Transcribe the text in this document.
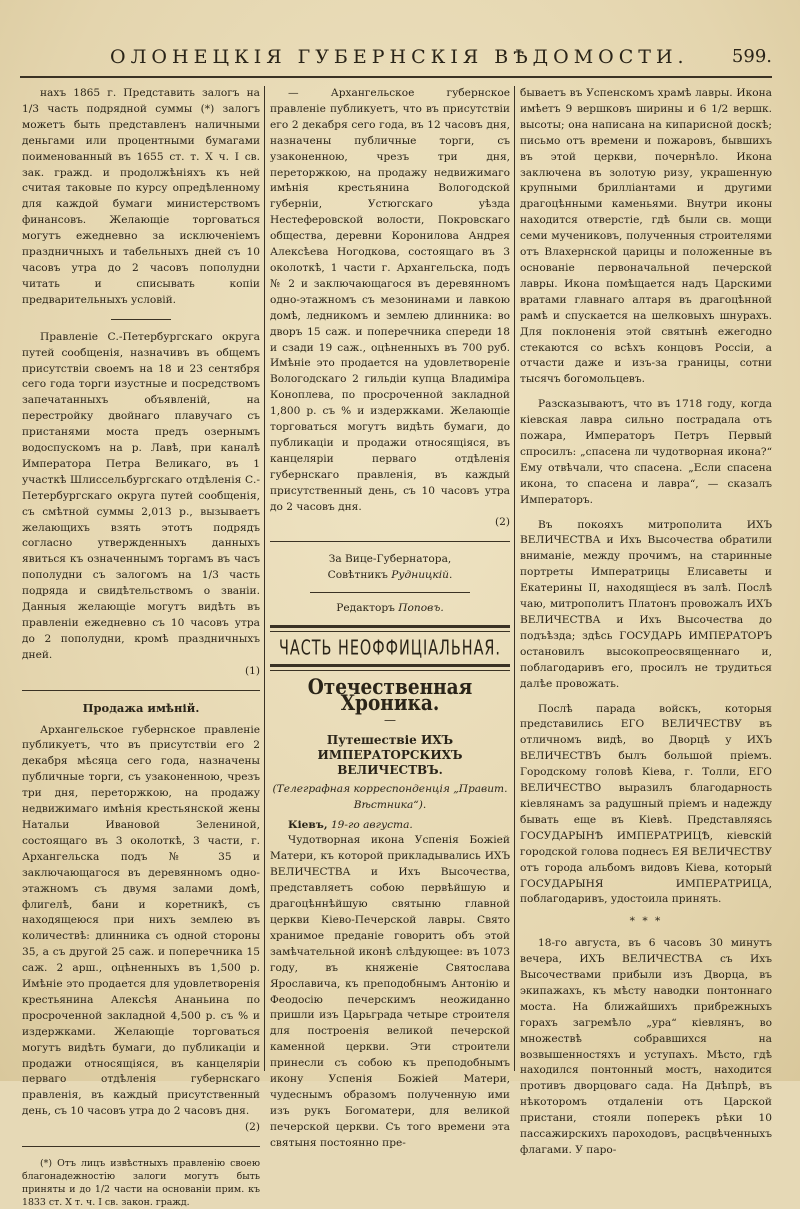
ОЛОНЕЦКІЯ ГУБЕРНСКІЯ ВѢДОМОСТИ. 599.

нахъ 1865 г. Представить залогъ на 1/3 часть подрядной суммы (*) залогъ можетъ быть представленъ наличными деньгами или процентными бумагами поименованный въ 1655 ст. т. X ч. I св. зак. гражд. и продолжѣніяхъ къ ней считая таковые по курсу опредѣленному для каждой бумаги министерствомъ финансовъ. Желающіе торговаться могутъ ежедневно за исключеніемъ праздничныхъ и табельныхъ дней съ 10 часовъ утра до 2 часовъ пополудни читать и списывать копіи предварительныхъ условій.

Правленіе С.-Петербургскаго округа путей сообщенія, назначивъ въ общемъ присутствіи своемъ на 18 и 23 сентября сего года торги изустные и посредствомъ запечатанныхъ объявленій, на перестройку двойнаго плавучаго съ пристанями моста предъ озернымъ водоспускомъ на р. Лавѣ, при каналѣ Императора Петра Великаго, въ 1 участкѣ Шлиссельбургскаго отдѣленія С.-Петербургскаго округа путей сообщенія, съ смѣтной суммы 2,013 р., вызываетъ желающихъ взять этотъ подрядъ согласно утвержденныхъ данныхъ явиться къ означеннымъ торгамъ въ часъ пополудни съ залогомъ на 1/3 часть подряда и свидѣтельствомъ о званіи. Данныя желающіе могутъ видѣть въ правленіи ежедневно съ 10 часовъ утра до 2 пополудни, кромѣ праздничныхъ дней.

(1)

Продажа имѣній.

Архангельское губернское правленіе публикуетъ, что въ присутствіи его 2 декабря мѣсяца сего года, назначены публичные торги, съ узаконенною, чрезъ три дня, переторжкою, на продажу недвижимаго имѣнія крестьянской жены Натальи Ивановой Зелениной, состоящаго въ 3 околоткѣ, 3 части, г. Архангельска подъ № 35 и заключающагося въ деревянномъ одно-этажномъ съ двумя залами домѣ, флигелѣ, бани и коретникѣ, съ находящеюся при нихъ землею въ количествѣ: длинника съ одной стороны 35, а съ другой 25 саж. и поперечника 15 саж. 2 арш., оцѣненныхъ въ 1,500 р. Имѣніе это продается для удовлетворенія крестьянина Алексѣя Ананьина по просроченной закладной 4,500 р. съ % и издержками. Желающіе торговаться могутъ видѣть бумаги, до публикаціи и продажи относящіяся, въ канцеляріи перваго отдѣленія губернскаго правленія, въ каждый присутственный день, съ 10 часовъ утра до 2 часовъ дня.

(2)

(*) Отъ лицъ извѣстныхъ правленію своею благонадежностію залоги могутъ быть приняты и до 1/2 части на основаніи прим. къ 1833 ст. X т. ч. I св. закон. гражд.

— Архангельское губернское правленіе публикуетъ, что въ присутствіи его 2 декабря сего года, въ 12 часовъ дня, назначены публичные торги, съ узаконенною, чрезъ три дня, переторжкою, на продажу недвижимаго имѣнія крестьянина Вологодской губерніи, Устюгскаго уѣзда Нестеферовской волости, Покровскаго общества, деревни Коронилова Андрея Алексѣева Ногодкова, состоящаго въ 3 околоткѣ, 1 части г. Архангельска, подъ № 2 и заключающагося въ деревянномъ одно-этажномъ съ мезонинами и лавкою домѣ, ледникомъ и землею длинника: во дворъ 15 саж. и поперечника спереди 18 и сзади 19 саж., оцѣненныхъ въ 700 руб. Имѣніе это продается на удовлетвореніе Вологодскаго 2 гильдіи купца Владиміра Коноплева, по просроченной закладной 1,800 р. съ % и издержками. Желающіе торговаться могутъ видѣть бумаги, до публикаціи и продажи относящіяся, въ канцеляріи перваго отдѣленія губернскаго правленія, въ каждый присутственный день, съ 10 часовъ утра до 2 часовъ дня.

(2)

За Вице-Губернатора,

Совѣтникъ Рудницкій.

Редакторъ Поповъ.

ЧАСТЬ НЕОФФИЦІАЛЬНАЯ.
Отечественная Хроника.
—
Путешествіе ИХЪ ИМПЕРАТОРСКИХЪ ВЕЛИЧЕСТВЪ.
(Телеграфная корреспонденція „Правит. Вѣстника“).

Кіевъ, 19-го августа.

Чудотворная икона Успенія Божіей Матери, къ которой прикладывались ИХЪ ВЕЛИЧЕСТВА и Ихъ Высочества, представляетъ собою первѣйшую и драгоцѣннѣйшую святыню главной церкви Кіево-Печерской лавры. Свято хранимое преданіе говоритъ объ этой замѣчательной иконѣ слѣдующее: въ 1073 году, въ княженіе Святослава Ярославича, къ преподобнымъ Антонію и Феодосію печерскимъ неожиданно пришли изъ Царьграда четыре строителя для построенія великой печерской каменной церкви. Эти строители принесли съ собою къ преподобнымъ икону Успенія Божіей Матери, чудеснымъ образомъ полученную ими изъ рукъ Богоматери, для великой печерской церкви. Съ того времени эта святыня постоянно пре-

бываетъ въ Успенскомъ храмѣ лавры. Икона имѣетъ 9 вершковъ ширины и 6 1/2 вершк. высоты; она написана на кипарисной доскѣ; письмо отъ времени и пожаровъ, бывшихъ въ этой церкви, почернѣло. Икона заключена въ золотую ризу, украшенную крупными бриллiантами и другими драгоцѣнными каменьями. Внутри иконы находится отверстіе, гдѣ были св. мощи семи мучениковъ, полученныя строителями отъ Влахернской царицы и положенные въ основаніе первоначальной печерской лавры. Икона помѣщается надъ Царскими вратами главнаго алтаря въ драгоцѣнной рамѣ и спускается на шелковыхъ шнурахъ. Для поклоненія этой святынѣ ежегодно стекаются со всѣхъ концовъ Россіи, а отчасти даже и изъ-за границы, сотни тысячъ богомольцевъ.

Разсказываютъ, что въ 1718 году, когда кіевская лавра сильно пострадала отъ пожара, Императоръ Петръ Первый спросилъ: „спасена ли чудотворная икона?“ Ему отвѣчали, что спасена. „Если спасена икона, то спасена и лавра“, — сказалъ Императоръ.

Въ покояхъ митрополита ИХЪ ВЕЛИЧЕСТВА и Ихъ Высочества обратили вниманіе, между прочимъ, на старинные портреты Императрицы Елисаветы и Екатерины II, находящіеся въ залѣ. Послѣ чаю, митрополитъ Платонъ провожалъ ИХЪ ВЕЛИЧЕСТВА и Ихъ Высочества до подъѣзда; здѣсь ГОСУДАРЬ ИМПЕРАТОРЪ остановилъ высокопреосвященнаго и, поблагодаривъ его, просилъ не трудиться далѣе провожать.

Послѣ парада войскъ, которыя представились ЕГО ВЕЛИЧЕСТВУ въ отличномъ видѣ, во Дворцѣ у ИХЪ ВЕЛИЧЕСТВЪ былъ большой пріемъ. Городскому головѣ Кіева, г. Толли, ЕГО ВЕЛИЧЕСТВО выразилъ благодарность кіевлянамъ за радушный пріемъ и надежду бывать еще въ Кіевѣ. Представляясь ГОСУДАРЫНѢ ИМПЕРАТРИЦѢ, кіевскій городской голова поднесъ ЕЯ ВЕЛИЧЕСТВУ отъ города альбомъ видовъ Кіева, который ГОСУДАРЫНЯ ИМПЕРАТРИЦА, поблагодаривъ, удостоила принять.

* * *

18-го августа, въ 6 часовъ 30 минутъ вечера, ИХЪ ВЕЛИЧЕСТВА съ Ихъ Высочествами прибыли изъ Дворца, въ экипажахъ, къ мѣсту наводки понтоннаго моста. На ближайшихъ прибрежныхъ горахъ загремѣло „ура“ кіевлянъ, во множествѣ собравшихся на возвышенностяхъ и уступахъ. Мѣсто, гдѣ находился понтонный мостъ, находится противъ дворцоваго сада. На Днѣпрѣ, въ нѣкоторомъ отдаленіи отъ Царской пристани, стояли поперекъ рѣки 10 пассажирскихъ пароходовъ, расцвѣченныхъ флагами. У паро-
